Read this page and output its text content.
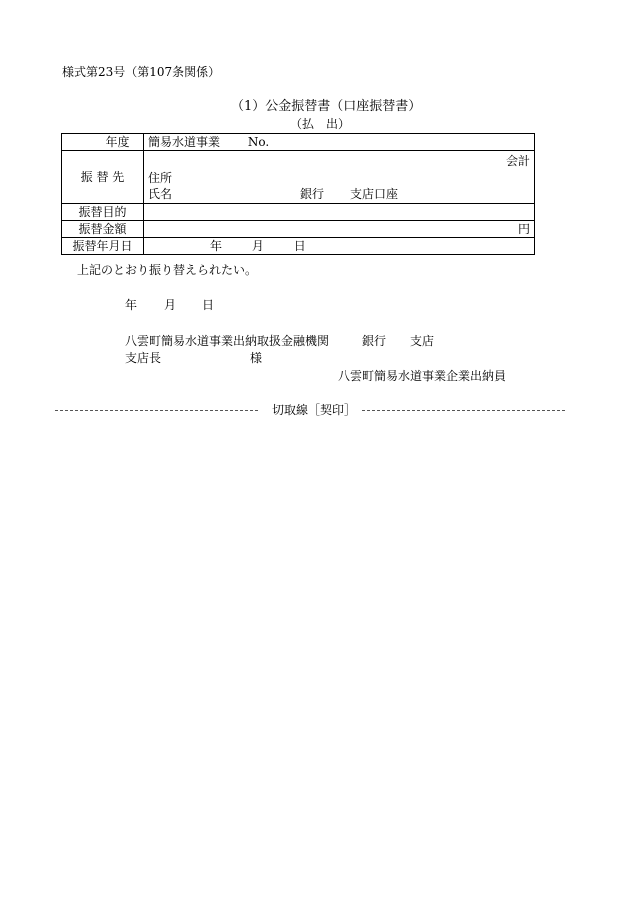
様式第23号（第107条関係）
（1）公金振替書（口座振替書）
（払　出）
年度	簡易水道事業 No.
振 替 先	会計
住所
氏名 銀行 支店口座

振替目的	
振替金額	円
振替年月日	年 月 日
上記のとおり振り替えられたい。
年 月 日
八雲町簡易水道事業出納取扱金融機関	銀行 支店
支店長	様
八雲町簡易水道事業企業出納員
切取線［契印］
